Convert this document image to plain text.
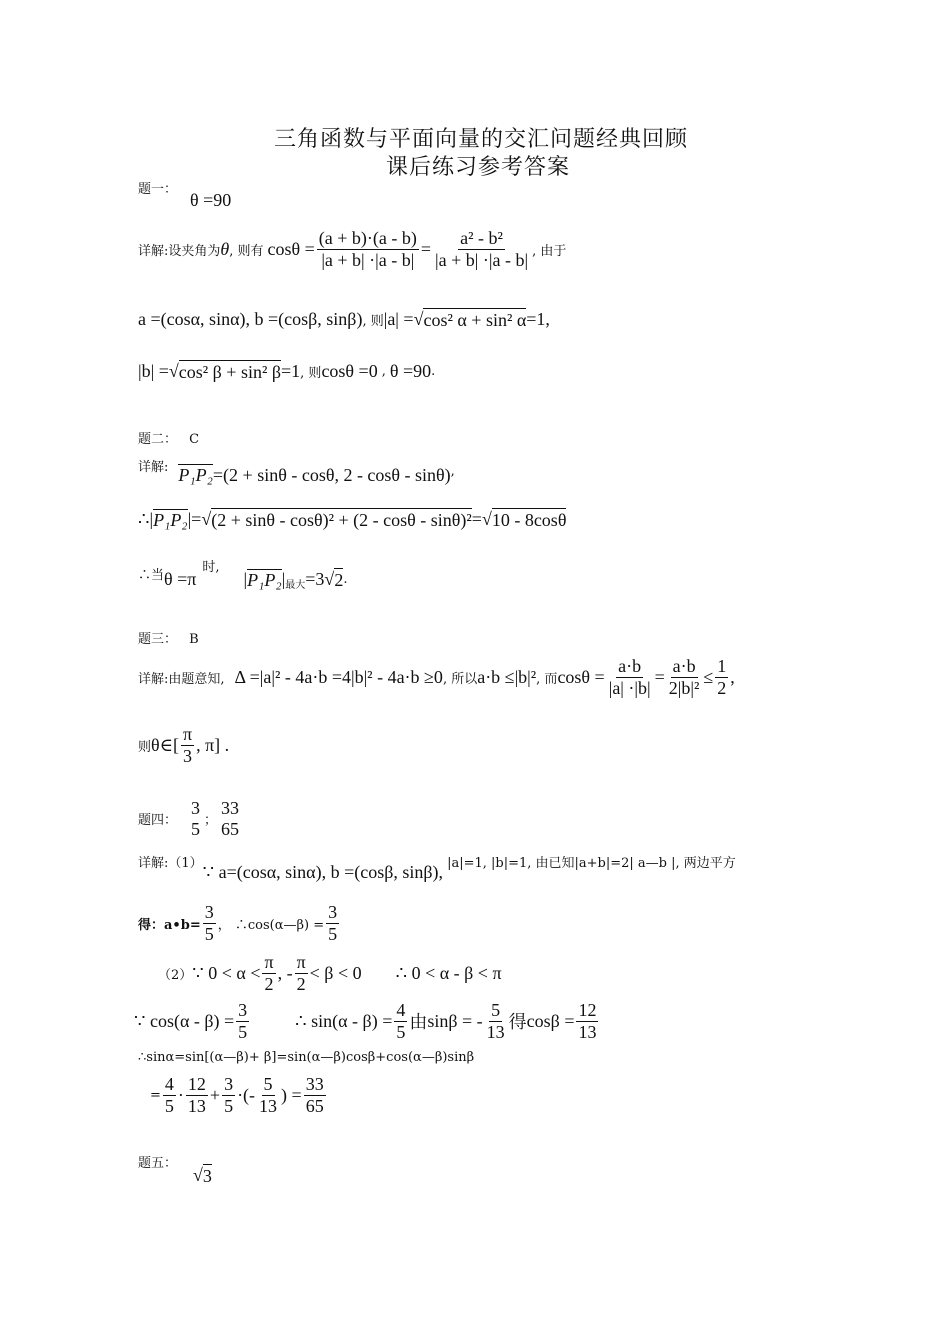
三角函数与平面向量的交汇问题经典回顾
课后练习参考答案
题一：
θ =90
详解:设夹角为 θ , 则有 $\cos\theta = \frac{(a + b)\cdot(a - b)}{|a + b| \cdot|a - b|} = \frac{\text{a² - b²}}{|a + b| \cdot|a - b|}$ , 由于
a =(cosα, sinα), b =(cosβ, sinβ) , 则 |a| = √ cos² α + sin² α =1,
|b| = √ cos² β + sin² β =1 , 则 cosθ =0 , θ =90 .
题二： C
详解: P₁P₂ =(2 + sinθ - cosθ, 2 - cosθ - sinθ) ,
∴ | P₁P₂ |= √ (2 + sinθ - cosθ)² + (2 - cosθ - sinθ)² = √ 10 - 8cosθ
∴当 θ =π
时,
| P₁P₂ | 最大 =3 √ 2 .
题三： B
详解:由题意知, Δ =|a|² - 4a·b =4|b|² - 4a·b ≥0 , 所以 a·b ≤|b|² , 而 $\cos\theta = \frac{a\cdot b}{|a| \cdot|b|} = \frac{a\cdot b}{\text{2|b|²}} \le \frac{1}{2}$ ,
则 θ∈[ $\frac{\pi}{3}$ , π] .
题四：
3
5 ；
33
65
详解:（1） ∵ a=(cosα, sinα), b =(cosβ, sinβ), |a|=1, |b|=1, 由已知|a+b|=2| a—b |, 两边平方
得：a•b= $\frac{3}{5}$ ， ∴cos(α—β) = $\frac{3}{5}$
（2） ∵ $0 < \alpha < \frac{\pi}{2}$ , - $\frac{\pi}{2} < \beta < 0$ ∴ 0 < α - β < π
∵ $\cos(\alpha - \beta) = \frac{3}{5}$	∴ $\sin(\alpha - \beta) = \frac{4}{5}$ 由 sinβ = - $\frac{5}{13}$ 得 $\cos\beta = \frac{12}{13}$
∴sinα=sin[(α—β)+ β]=sin(α—β)cosβ+cos(α—β)sinβ
= $\frac{4}{5} \cdot \frac{12}{13} + \frac{3}{5}$ ·(- $\frac{5}{13}$ ) = $\frac{33}{65}$
题五：
√ 3
